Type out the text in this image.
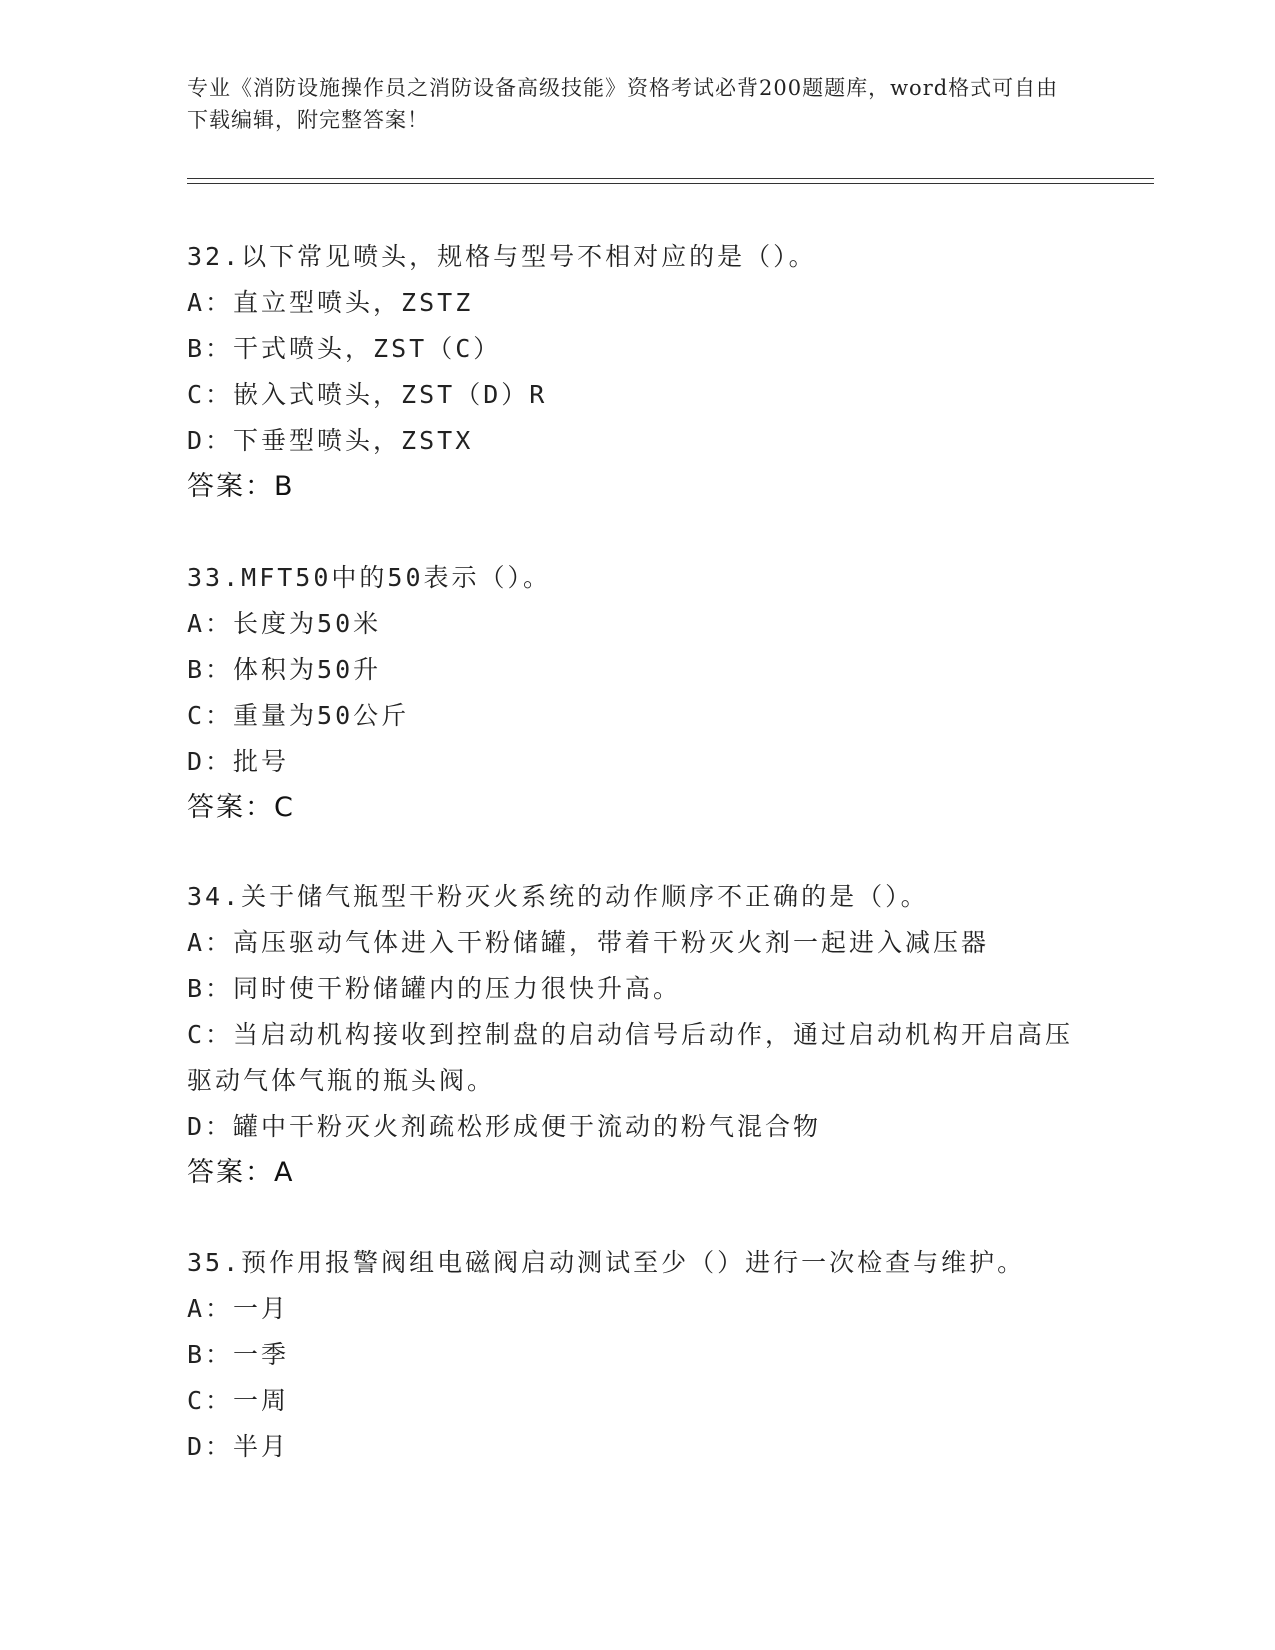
专业《消防设施操作员之消防设备高级技能》资格考试必背200题题库，word格式可自由下载编辑，附完整答案！

32.以下常见喷头，规格与型号不相对应的是（）。

A：直立型喷头，ZSTZ

B：干式喷头，ZST（C）

C：嵌入式喷头，ZST（D）R

D：下垂型喷头，ZSTX

答案：B

33.MFT50中的50表示（）。

A：长度为50米

B：体积为50升

C：重量为50公斤

D：批号

答案：C

34.关于储气瓶型干粉灭火系统的动作顺序不正确的是（）。

A：高压驱动气体进入干粉储罐，带着干粉灭火剂一起进入减压器

B：同时使干粉储罐内的压力很快升高。

C：当启动机构接收到控制盘的启动信号后动作，通过启动机构开启高压驱动气体气瓶的瓶头阀。

D：罐中干粉灭火剂疏松形成便于流动的粉气混合物

答案：A

35.预作用报警阀组电磁阀启动测试至少（）进行一次检查与维护。

A：一月

B：一季

C：一周

D：半月
